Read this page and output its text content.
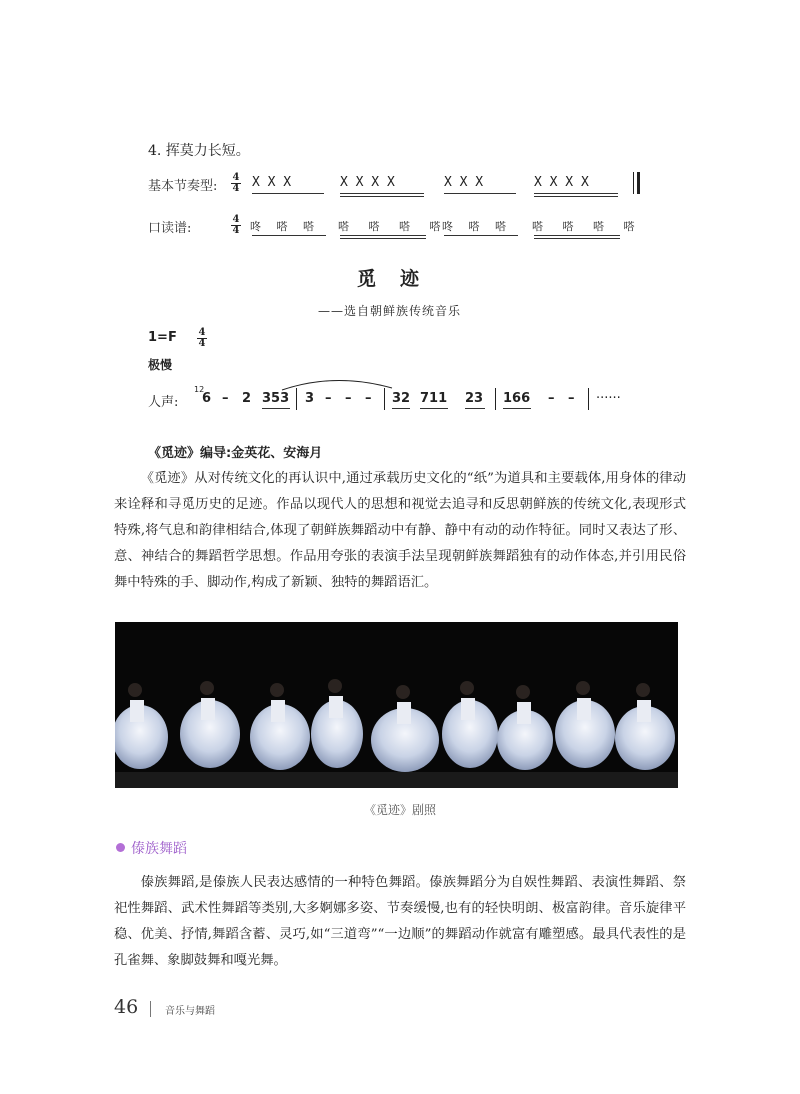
4. 挥莫力长短。
基本节奏型:
4
4 X X X	X X X X	X X X	X X X X
口读谱:
4
4 咚 嗒 嗒 嗒 嗒 嗒 嗒
咚 嗒 嗒 嗒 嗒 嗒 嗒
觅迹
——选自朝鲜族传统音乐
1=F 4
4
极慢
人声:
12
6 – 2 353 3 – – – 32 711 23 166 – – ······
《觅迹》编导:金英花、安海月
《觅迹》从对传统文化的再认识中,通过承载历史文化的“纸”为道具和主要载体,用身体的律动来诠释和寻觅历史的足迹。作品以现代人的思想和视觉去追寻和反思朝鲜族的传统文化,表现形式特殊,将气息和韵律相结合,体现了朝鲜族舞蹈动中有静、静中有动的动作特征。同时又表达了形、意、神结合的舞蹈哲学思想。作品用夸张的表演手法呈现朝鲜族舞蹈独有的动作体态,并引用民俗舞中特殊的手、脚动作,构成了新颖、独特的舞蹈语汇。
《觅迹》剧照
傣族舞蹈
傣族舞蹈,是傣族人民表达感情的一种特色舞蹈。傣族舞蹈分为自娱性舞蹈、表演性舞蹈、祭祀性舞蹈、武术性舞蹈等类别,大多婀娜多姿、节奏缓慢,也有的轻快明朗、极富韵律。音乐旋律平稳、优美、抒情,舞蹈含蓄、灵巧,如“三道弯”“一边顺”的舞蹈动作就富有雕塑感。最具代表性的是孔雀舞、象脚鼓舞和嘎光舞。
46	音乐与舞蹈
